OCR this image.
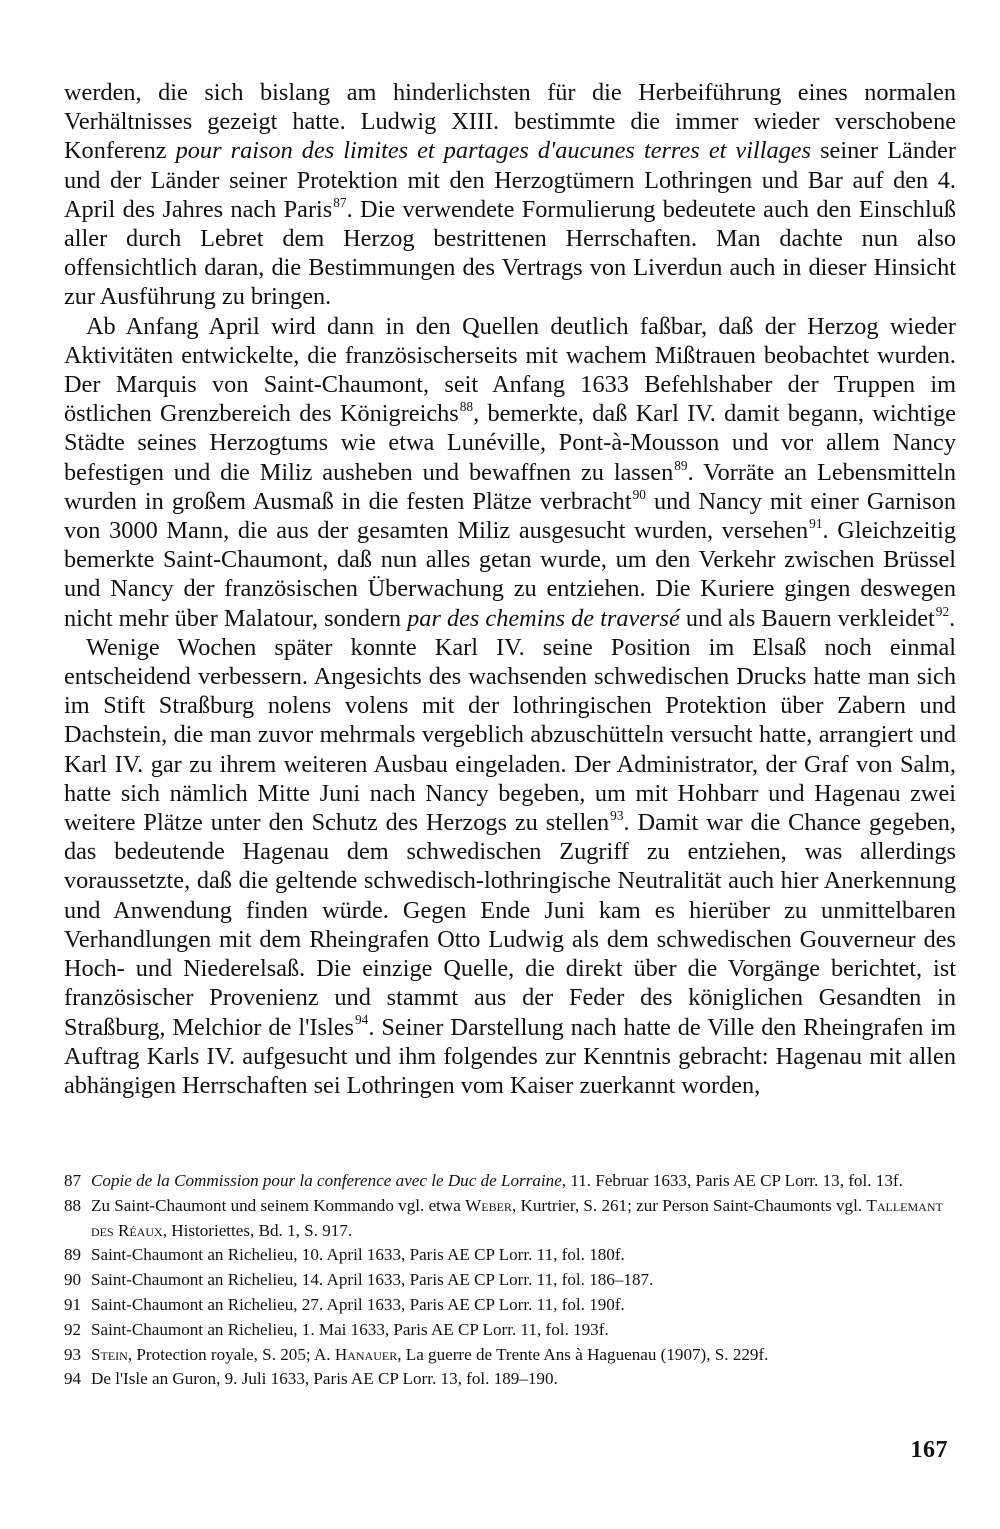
werden, die sich bislang am hinderlichsten für die Herbeiführung eines normalen Verhältnisses gezeigt hatte. Ludwig XIII. bestimmte die immer wieder verschobene Konferenz pour raison des limites et partages d'aucunes terres et villages seiner Länder und der Länder seiner Protektion mit den Herzogtümern Lothringen und Bar auf den 4. April des Jahres nach Paris$^{87}$. Die verwendete Formulierung bedeutete auch den Einschluß aller durch Lebret dem Herzog bestrittenen Herrschaften. Man dachte nun also offensichtlich daran, die Bestimmungen des Vertrags von Liverdun auch in dieser Hinsicht zur Ausführung zu bringen.

Ab Anfang April wird dann in den Quellen deutlich faßbar, daß der Herzog wieder Aktivitäten entwickelte, die französischerseits mit wachem Mißtrauen beobachtet wurden. Der Marquis von Saint-Chaumont, seit Anfang 1633 Befehlshaber der Truppen im östlichen Grenzbereich des Königreichs$^{88}$, bemerkte, daß Karl IV. damit begann, wichtige Städte seines Herzogtums wie etwa Lunéville, Pont-à-Mousson und vor allem Nancy befestigen und die Miliz ausheben und bewaffnen zu lassen$^{89}$. Vorräte an Lebensmitteln wurden in großem Ausmaß in die festen Plätze verbracht$^{90}$ und Nancy mit einer Garnison von 3000 Mann, die aus der gesamten Miliz ausgesucht wurden, versehen$^{91}$. Gleichzeitig bemerkte Saint-Chaumont, daß nun alles getan wurde, um den Verkehr zwischen Brüssel und Nancy der französischen Überwachung zu entziehen. Die Kuriere gingen deswegen nicht mehr über Malatour, sondern par des chemins de traversé und als Bauern verkleidet$^{92}$.

Wenige Wochen später konnte Karl IV. seine Position im Elsaß noch einmal entscheidend verbessern. Angesichts des wachsenden schwedischen Drucks hatte man sich im Stift Straßburg nolens volens mit der lothringischen Protektion über Zabern und Dachstein, die man zuvor mehrmals vergeblich abzuschütteln versucht hatte, arrangiert und Karl IV. gar zu ihrem weiteren Ausbau eingeladen. Der Administrator, der Graf von Salm, hatte sich nämlich Mitte Juni nach Nancy begeben, um mit Hohbarr und Hagenau zwei weitere Plätze unter den Schutz des Herzogs zu stellen$^{93}$. Damit war die Chance gegeben, das bedeutende Hagenau dem schwedischen Zugriff zu entziehen, was allerdings voraussetzte, daß die geltende schwedisch-lothringische Neutralität auch hier Anerkennung und Anwendung finden würde. Gegen Ende Juni kam es hierüber zu unmittelbaren Verhandlungen mit dem Rheingrafen Otto Ludwig als dem schwedischen Gouverneur des Hoch- und Niederelsaß. Die einzige Quelle, die direkt über die Vorgänge berichtet, ist französischer Provenienz und stammt aus der Feder des königlichen Gesandten in Straßburg, Melchior de l'Isles$^{94}$. Seiner Darstellung nach hatte de Ville den Rheingrafen im Auftrag Karls IV. aufgesucht und ihm folgendes zur Kenntnis gebracht: Hagenau mit allen abhängigen Herrschaften sei Lothringen vom Kaiser zuerkannt worden,

87 Copie de la Commission pour la conference avec le Duc de Lorraine, 11. Februar 1633, Paris AE CP Lorr. 13, fol. 13f.
88 Zu Saint-Chaumont und seinem Kommando vgl. etwa Weber, Kurtrier, S. 261; zur Person Saint-Chaumonts vgl. Tallemant des Réaux, Historiettes, Bd. 1, S. 917.
89 Saint-Chaumont an Richelieu, 10. April 1633, Paris AE CP Lorr. 11, fol. 180f.
90 Saint-Chaumont an Richelieu, 14. April 1633, Paris AE CP Lorr. 11, fol. 186–187.
91 Saint-Chaumont an Richelieu, 27. April 1633, Paris AE CP Lorr. 11, fol. 190f.
92 Saint-Chaumont an Richelieu, 1. Mai 1633, Paris AE CP Lorr. 11, fol. 193f.
93 Stein, Protection royale, S. 205; A. Hanauer, La guerre de Trente Ans à Haguenau (1907), S. 229f.
94 De l'Isle an Guron, 9. Juli 1633, Paris AE CP Lorr. 13, fol. 189–190.
167
